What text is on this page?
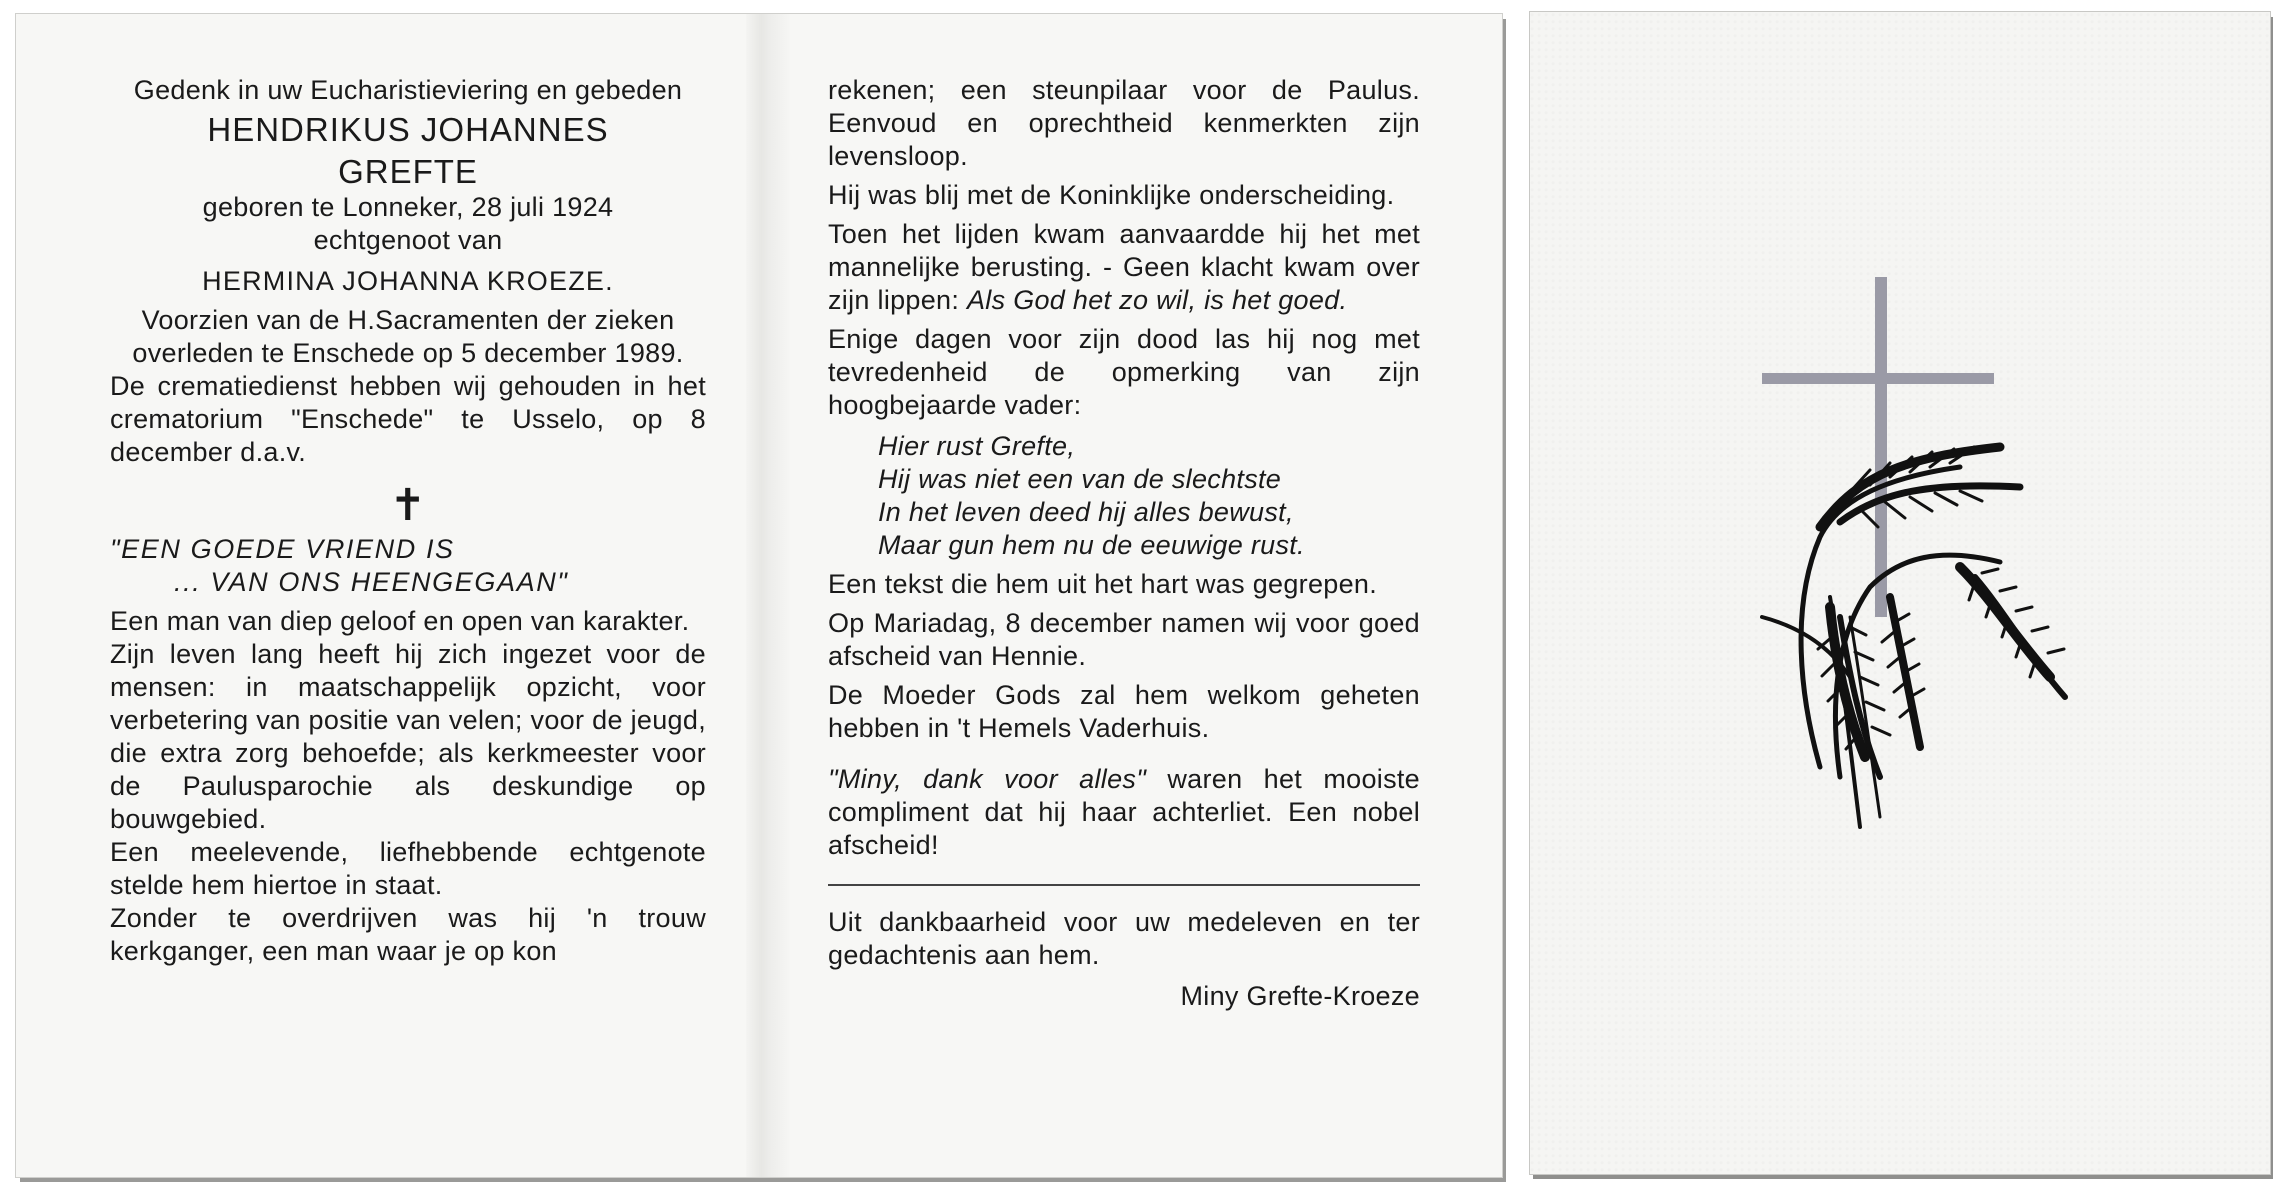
Gedenk in uw Eucharistieviering en gebeden
HENDRIKUS JOHANNES
GREFTE
geboren te Lonneker, 28 juli 1924
echtgenoot van
HERMINA JOHANNA KROEZE.
Voorzien van de H.Sacramenten der zieken overleden te Enschede op 5 december 1989.
De crematiedienst hebben wij gehouden in het crematorium "Enschede" te Usselo, op 8 december d.a.v.
✝
"EEN GOEDE VRIEND IS
... VAN ONS HEENGEGAAN"
Een man van diep geloof en open van karakter.
Zijn leven lang heeft hij zich ingezet voor de mensen: in maatschappelijk opzicht, voor verbetering van positie van velen; voor de jeugd, die extra zorg behoefde; als kerkmeester voor de Paulusparochie als deskundige op bouwgebied.
Een meelevende, liefhebbende echtgenote stelde hem hiertoe in staat.
Zonder te overdrijven was hij 'n trouw kerkganger, een man waar je op kon
rekenen; een steunpilaar voor de Paulus. Eenvoud en oprechtheid kenmerkten zijn levensloop.
Hij was blij met de Koninklijke onderscheiding.
Toen het lijden kwam aanvaardde hij het met mannelijke berusting. - Geen klacht kwam over zijn lippen: Als God het zo wil, is het goed.
Enige dagen voor zijn dood las hij nog met tevredenheid de opmerking van zijn hoogbejaarde vader:
Hier rust Grefte,
Hij was niet een van de slechtste
In het leven deed hij alles bewust,
Maar gun hem nu de eeuwige rust.
Een tekst die hem uit het hart was gegrepen.
Op Mariadag, 8 december namen wij voor goed afscheid van Hennie.
De Moeder Gods zal hem welkom geheten hebben in 't Hemels Vaderhuis.
"Miny, dank voor alles" waren het mooiste compliment dat hij haar achterliet. Een nobel afscheid!
Uit dankbaarheid voor uw medeleven en ter gedachtenis aan hem.
Miny Grefte-Kroeze
